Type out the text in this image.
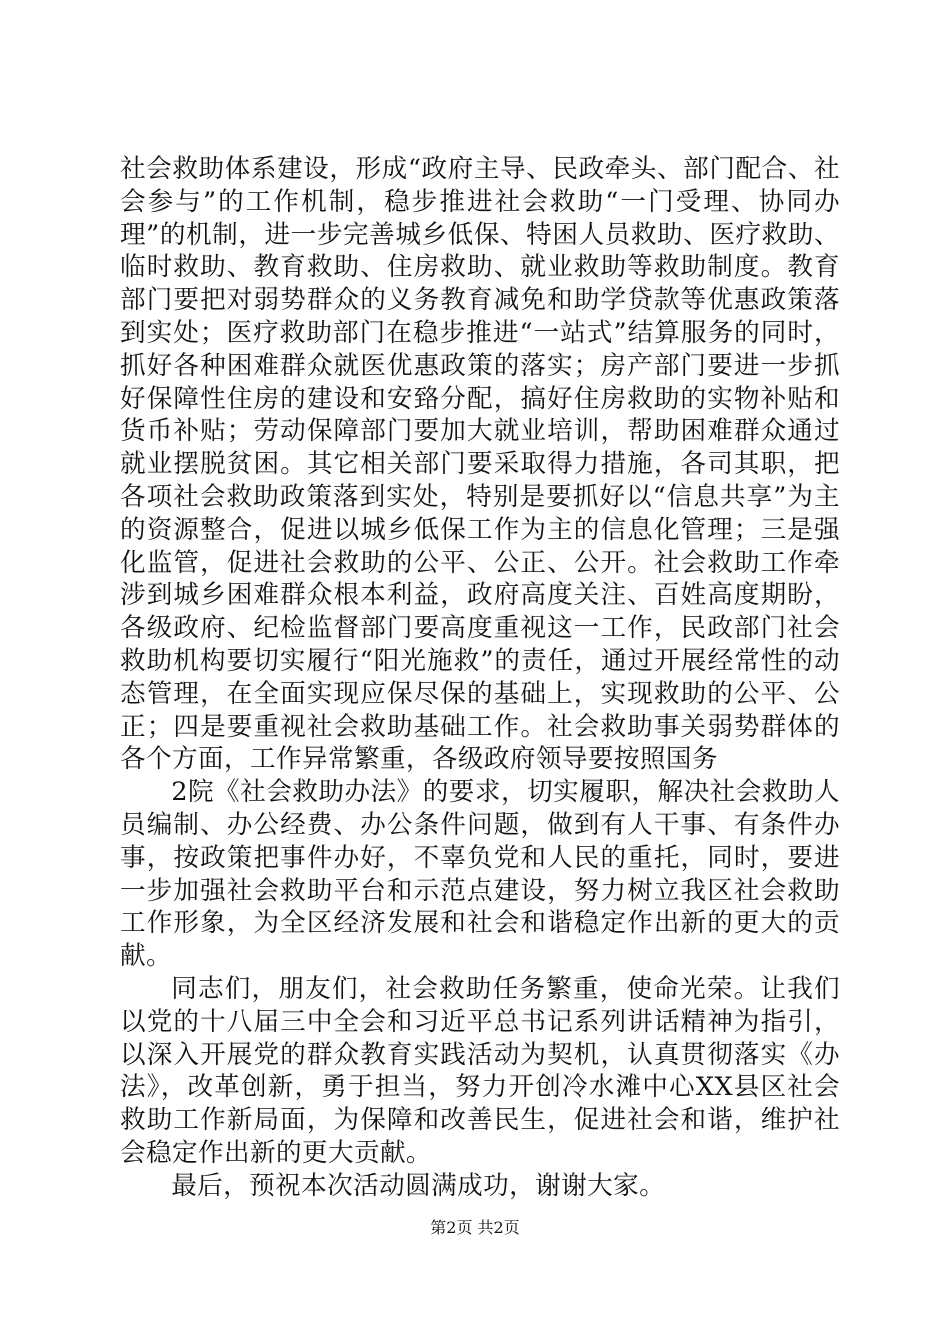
社会救助体系建设，形成“政府主导、民政牵头、部门配合、社会参与”的工作机制，稳步推进社会救助“一门受理、协同办理”的机制，进一步完善城乡低保、特困人员救助、医疗救助、临时救助、教育救助、住房救助、就业救助等救助制度。教育部门要把对弱势群众的义务教育减免和助学贷款等优惠政策落到实处；医疗救助部门在稳步推进“一站式”结算服务的同时，抓好各种困难群众就医优惠政策的落实；房产部门要进一步抓好保障性住房的建设和安臵分配，搞好住房救助的实物补贴和货币补贴；劳动保障部门要加大就业培训，帮助困难群众通过就业摆脱贫困。其它相关部门要采取得力措施，各司其职，把各项社会救助政策落到实处，特别是要抓好以“信息共享”为主的资源整合，促进以城乡低保工作为主的信息化管理；三是强化监管，促进社会救助的公平、公正、公开。社会救助工作牵涉到城乡困难群众根本利益，政府高度关注、百姓高度期盼，各级政府、纪检监督部门要高度重视这一工作，民政部门社会救助机构要切实履行“阳光施救”的责任，通过开展经常性的动态管理，在全面实现应保尽保的基础上，实现救助的公平、公正；四是要重视社会救助基础工作。社会救助事关弱势群体的各个方面，工作异常繁重，各级政府领导要按照国务

2院《社会救助办法》的要求，切实履职，解决社会救助人员编制、办公经费、办公条件问题，做到有人干事、有条件办事，按政策把事件办好，不辜负党和人民的重托，同时，要进一步加强社会救助平台和示范点建设，努力树立我区社会救助工作形象，为全区经济发展和社会和谐稳定作出新的更大的贡献。

同志们，朋友们，社会救助任务繁重，使命光荣。让我们以党的十八届三中全会和习近平总书记系列讲话精神为指引，以深入开展党的群众教育实践活动为契机，认真贯彻落实《办法》，改革创新，勇于担当，努力开创冷水滩中心XX县区社会救助工作新局面，为保障和改善民生，促进社会和谐，维护社会稳定作出新的更大贡献。

最后，预祝本次活动圆满成功，谢谢大家。

第2页 共2页
